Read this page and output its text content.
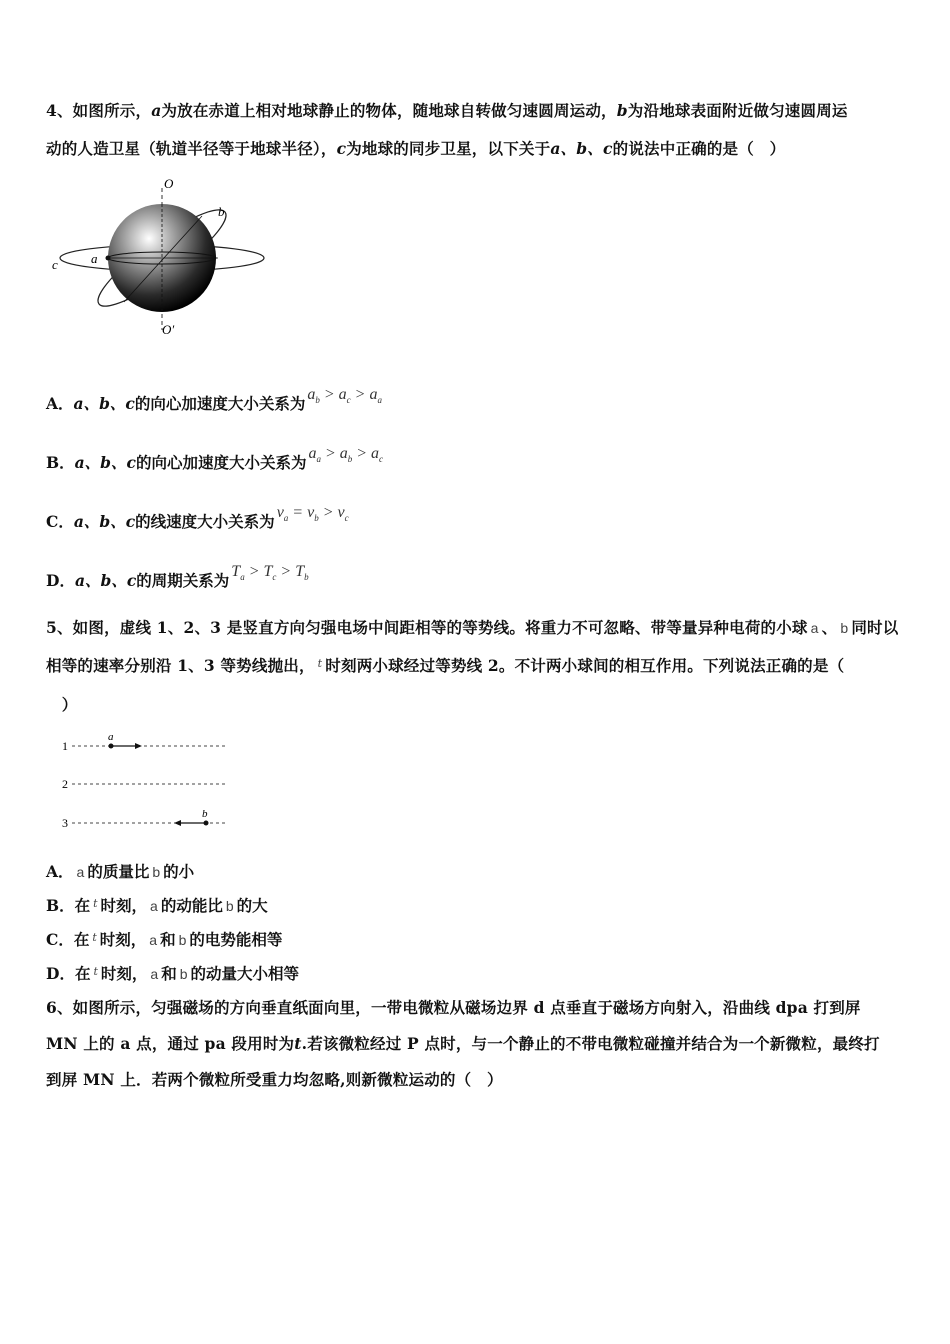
4、如图所示，a为放在赤道上相对地球静止的物体，随地球自转做匀速圆周运动，b为沿地球表面附近做匀速圆周运
动的人造卫星（轨道半径等于地球半径），c为地球的同步卫星，以下关于a、b、c的说法中正确的是（　）
O
O′
a
b
c
A．a、b、c的向心加速度大小关系为 $a_b > a_c > a_a$
B．a、b、c的向心加速度大小关系为 $a_a > a_b > a_c$
C．a、b、c的线速度大小关系为 $v_a = v_b > v_c$
D．a、b、c的周期关系为 $T_a > T_c > T_b$
5、如图，虚线 1、2、3 是竖直方向匀强电场中间距相等的等势线。将重力不可忽略、带等量异种电荷的小球 a 、 b 同时以
相等的速率分别沿 1、3 等势线抛出， $^t$ 时刻两小球经过等势线 2。不计两小球间的相互作用。下列说法正确的是（
　）
1
2
3
a
b
A． a 的质量比 b 的小
B．在 $^t$ 时刻， a 的动能比 b 的大
C．在 $^t$ 时刻， a 和 b 的电势能相等
D．在 $^t$ 时刻， a 和 b 的动量大小相等
6、如图所示，匀强磁场的方向垂直纸面向里，一带电微粒从磁场边界 d 点垂直于磁场方向射入，沿曲线 dpa 打到屏
MN 上的 a 点，通过 pa 段用时为t.若该微粒经过 P 点时，与一个静止的不带电微粒碰撞并结合为一个新微粒，最终打
到屏 MN 上．若两个微粒所受重力均忽略,则新微粒运动的（　）
